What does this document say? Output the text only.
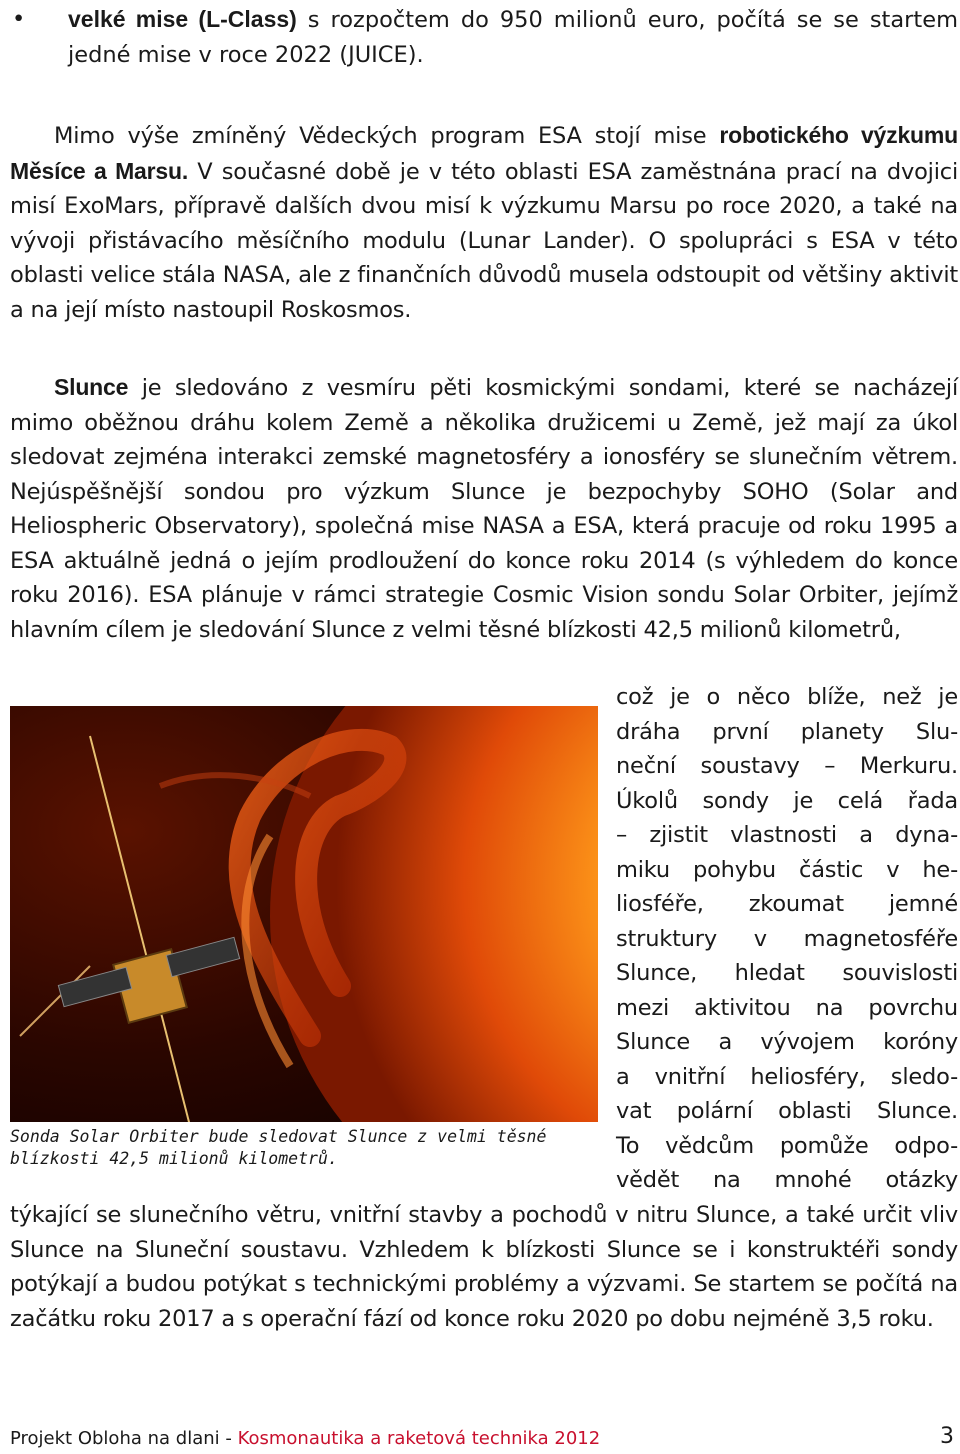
• velké mise (L-Class) s rozpočtem do 950 milionů euro, počítá se se startem jedné mise v roce 2022 (JUICE).
Mimo výše zmíněný Vědeckých program ESA stojí mise robotického výzkumu Měsíce a Marsu. V současné době je v této oblasti ESA zaměstnána prací na dvojici misí ExoMars, přípravě dalších dvou misí k výzkumu Marsu po roce 2020, a také na vývoji přistávacího měsíčního modulu (Lunar Lander). O spolupráci s ESA v této oblasti velice stála NASA, ale z finančních důvodů musela odstoupit od většiny aktivit a na její místo nastoupil Roskosmos.
Slunce je sledováno z vesmíru pěti kosmickými sondami, které se nacházejí mimo oběžnou dráhu kolem Země a několika družicemi u Země, jež mají za úkol sledovat zejména interakci zemské magnetosféry a ionosféry se slunečním větrem. Nejúspěšnější sondou pro výzkum Slunce je bezpochyby SOHO (Solar and Heliospheric Observatory), společná mise NASA a ESA, která pracuje od roku 1995 a ESA aktuálně jedná o jejím prodloužení do konce roku 2014 (s výhledem do konce roku 2016). ESA plánuje v rámci strategie Cosmic Vision sondu Solar Orbiter, jejímž hlavním cílem je sledování Slunce z velmi těsné blízkosti 42,5 milionů kilometrů,
Sonda Solar Orbiter bude sledovat Slunce z velmi těsné blízkosti 42,5 milionů kilometrů.
což je o něco blíže, než je
dráha první planety Slu-
neční soustavy – Merkuru.
Úkolů sondy je celá řada
– zjistit vlastnosti a dyna-
miku pohybu částic v he-
liosféře, zkoumat jemné
struktury v magnetosféře
Slunce, hledat souvislosti
mezi aktivitou na povrchu
Slunce a vývojem koróny
a vnitřní heliosféry, sledo-
vat polární oblasti Slunce.
To vědcům pomůže odpo-
vědět na mnohé otázky
týkající se slunečního větru, vnitřní stavby a pochodů v nitru Slunce, a také určit vliv Slunce na Sluneční soustavu. Vzhledem k blízkosti Slunce se i konstruktéři sondy potýkají a budou potýkat s technickými problémy a výzvami. Se startem se počítá na začátku roku 2017 a s operační fází od konce roku 2020 po dobu nejméně 3,5 roku.
Projekt Obloha na dlani - Kosmonautika a raketová technika 2012	3
